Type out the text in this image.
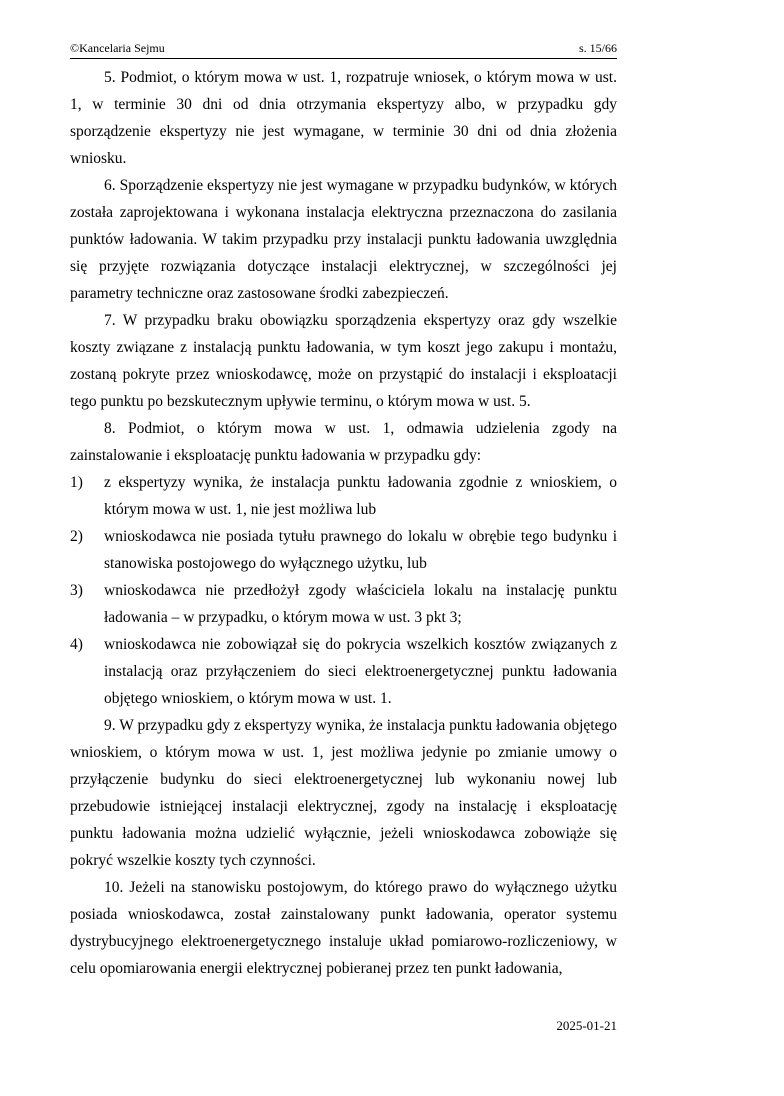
©Kancelaria Sejmu	s. 15/66

5. Podmiot, o którym mowa w ust. 1, rozpatruje wniosek, o którym mowa w ust. 1, w terminie 30 dni od dnia otrzymania ekspertyzy albo, w przypadku gdy sporządzenie ekspertyzy nie jest wymagane, w terminie 30 dni od dnia złożenia wniosku.

6. Sporządzenie ekspertyzy nie jest wymagane w przypadku budynków, w których została zaprojektowana i wykonana instalacja elektryczna przeznaczona do zasilania punktów ładowania. W takim przypadku przy instalacji punktu ładowania uwzględnia się przyjęte rozwiązania dotyczące instalacji elektrycznej, w szczególności jej parametry techniczne oraz zastosowane środki zabezpieczeń.

7. W przypadku braku obowiązku sporządzenia ekspertyzy oraz gdy wszelkie koszty związane z instalacją punktu ładowania, w tym koszt jego zakupu i montażu, zostaną pokryte przez wnioskodawcę, może on przystąpić do instalacji i eksploatacji tego punktu po bezskutecznym upływie terminu, o którym mowa w ust. 5.

8. Podmiot, o którym mowa w ust. 1, odmawia udzielenia zgody na zainstalowanie i eksploatację punktu ładowania w przypadku gdy:

1) z ekspertyzy wynika, że instalacja punktu ładowania zgodnie z wnioskiem, o którym mowa w ust. 1, nie jest możliwa lub
2) wnioskodawca nie posiada tytułu prawnego do lokalu w obrębie tego budynku i stanowiska postojowego do wyłącznego użytku, lub
3) wnioskodawca nie przedłożył zgody właściciela lokalu na instalację punktu ładowania – w przypadku, o którym mowa w ust. 3 pkt 3;
4) wnioskodawca nie zobowiązał się do pokrycia wszelkich kosztów związanych z instalacją oraz przyłączeniem do sieci elektroenergetycznej punktu ładowania objętego wnioskiem, o którym mowa w ust. 1.

9. W przypadku gdy z ekspertyzy wynika, że instalacja punktu ładowania objętego wnioskiem, o którym mowa w ust. 1, jest możliwa jedynie po zmianie umowy o przyłączenie budynku do sieci elektroenergetycznej lub wykonaniu nowej lub przebudowie istniejącej instalacji elektrycznej, zgody na instalację i eksploatację punktu ładowania można udzielić wyłącznie, jeżeli wnioskodawca zobowiąże się pokryć wszelkie koszty tych czynności.

10. Jeżeli na stanowisku postojowym, do którego prawo do wyłącznego użytku posiada wnioskodawca, został zainstalowany punkt ładowania, operator systemu dystrybucyjnego elektroenergetycznego instaluje układ pomiarowo-rozliczeniowy, w celu opomiarowania energii elektrycznej pobieranej przez ten punkt ładowania,

2025-01-21
